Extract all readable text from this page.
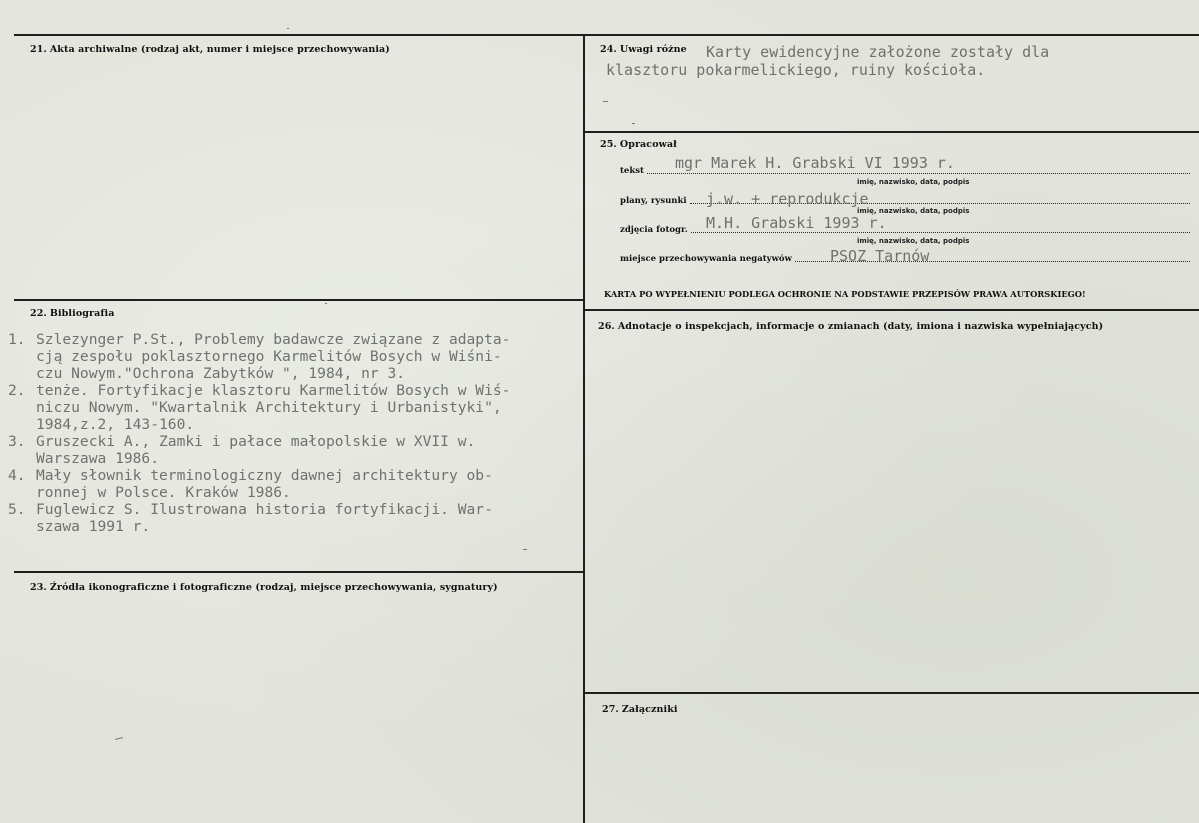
21. Akta archiwalne (rodzaj akt, numer i miejsce przechowywania)
22. Bibliografia
1. Szlezynger P.St., Problemy badawcze związane z adapta-
cją zespołu poklasztornego Karmelitów Bosych w Wiśni-
czu Nowym."Ochrona Zabytków ", 1984, nr 3.
2. tenże. Fortyfikacje klasztoru Karmelitów Bosych w Wiś-
niczu Nowym. "Kwartalnik Architektury i Urbanistyki",
1984,z.2, 143-160.
3. Gruszecki A., Zamki i pałace małopolskie w XVII w.
Warszawa 1986.
4. Mały słownik terminologiczny dawnej architektury ob-
ronnej w Polsce. Kraków 1986.
5. Fuglewicz S. Ilustrowana historia fortyfikacji. War-
szawa 1991 r.
23. Źródła ikonograficzne i fotograficzne (rodzaj, miejsce przechowywania, sygnatury)
24. Uwagi różne Karty ewidencyjne założone zostały dla
klasztoru pokarmelickiego, ruiny kościoła.
25. Opracował
tekst mgr Marek H. Grabski VI 1993 r.
imię, nazwisko, data, podpis
plany, rysunki j.w. + reprodukcje
imię, nazwisko, data, podpis
zdjęcia fotogr. M.H. Grabski 1993 r.
imię, nazwisko, data, podpis
miejsce przechowywania negatywów	PSOZ Tarnów
KARTA PO WYPEŁNIENIU PODLEGA OCHRONIE NA PODSTAWIE PRZEPISÓW PRAWA AUTORSKIEGO!
26. Adnotacje o inspekcjach, informacje o zmianach (daty, imiona i nazwiska wypełniających)
27. Załączniki
